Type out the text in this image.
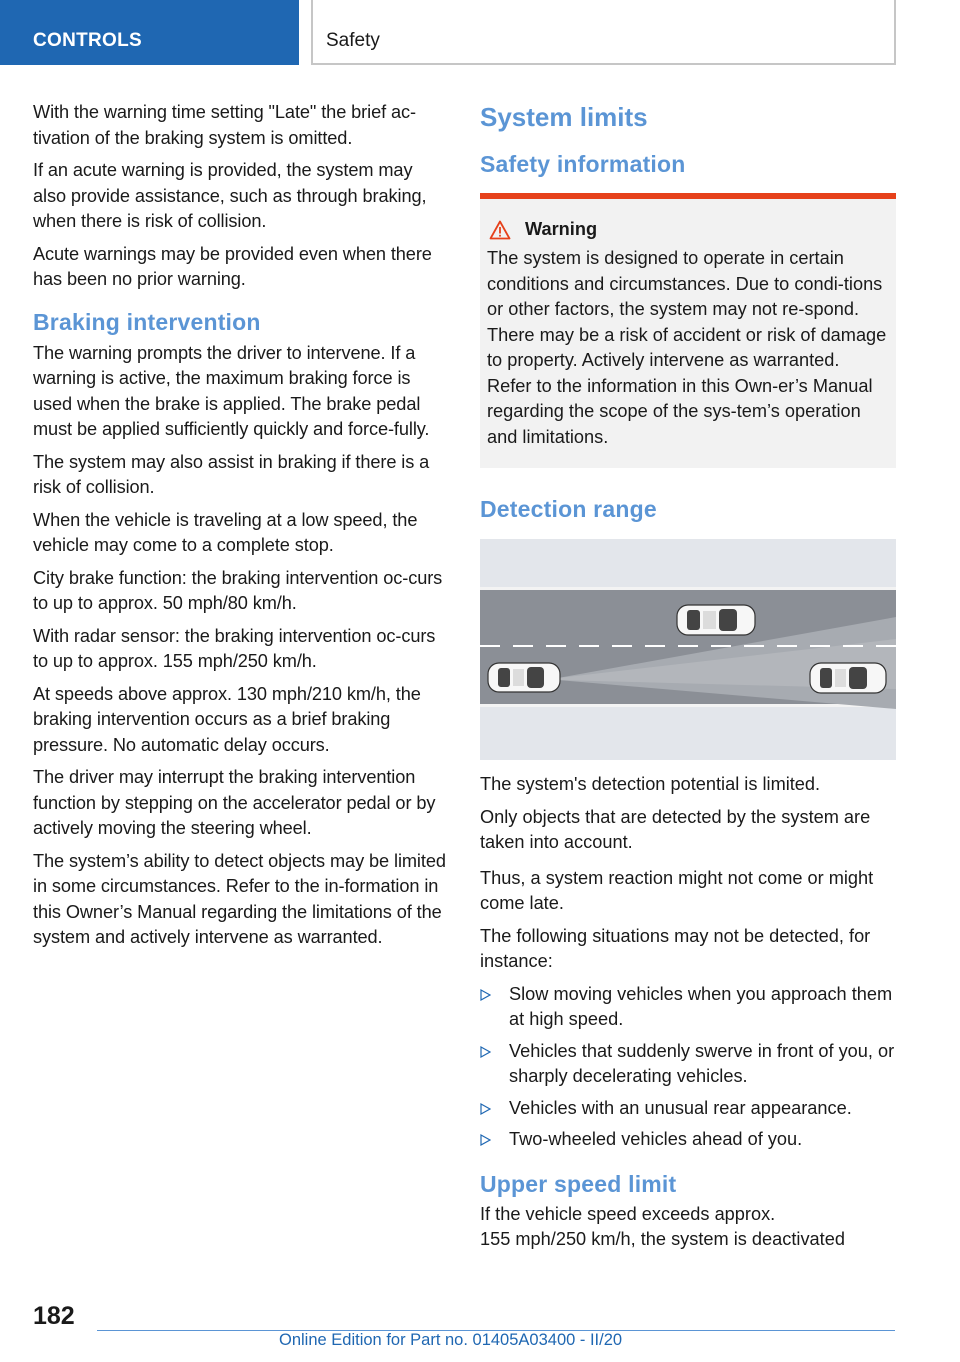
CONTROLS	Safety

With the warning time setting "Late" the brief ac-tivation of the braking system is omitted.

If an acute warning is provided, the system may also provide assistance, such as through braking, when there is risk of collision.

Acute warnings may be provided even when there has been no prior warning.

Braking intervention

The warning prompts the driver to intervene. If a warning is active, the maximum braking force is used when the brake is applied. The brake pedal must be applied sufficiently quickly and force-fully.

The system may also assist in braking if there is a risk of collision.

When the vehicle is traveling at a low speed, the vehicle may come to a complete stop.

City brake function: the braking intervention oc-curs to up to approx. 50 mph/80 km/h.

With radar sensor: the braking intervention oc-curs to up to approx. 155 mph/250 km/h.

At speeds above approx. 130 mph/210 km/h, the braking intervention occurs as a brief braking pressure. No automatic delay occurs.

The driver may interrupt the braking intervention function by stepping on the accelerator pedal or by actively moving the steering wheel.

The system’s ability to detect objects may be limited in some circumstances. Refer to the in-formation in this Owner’s Manual regarding the limitations of the system and actively intervene as warranted.

System limits
Safety information
Warning

The system is designed to operate in certain conditions and circumstances. Due to condi-tions or other factors, the system may not re-spond. There may be a risk of accident or risk of damage to property. Actively intervene as warranted. Refer to the information in this Own-er’s Manual regarding the scope of the sys-tem’s operation and limitations.

Detection range

The system's detection potential is limited.

Only objects that are detected by the system are taken into account.

Thus, a system reaction might not come or might come late.

The following situations may not be detected, for instance:

Slow moving vehicles when you approach them at high speed.
Vehicles that suddenly swerve in front of you, or sharply decelerating vehicles.
Vehicles with an unusual rear appearance.
Two-wheeled vehicles ahead of you.
Upper speed limit

If the vehicle speed exceeds approx.

155 mph/250 km/h, the system is deactivated

182
Online Edition for Part no. 01405A03400 - II/20
